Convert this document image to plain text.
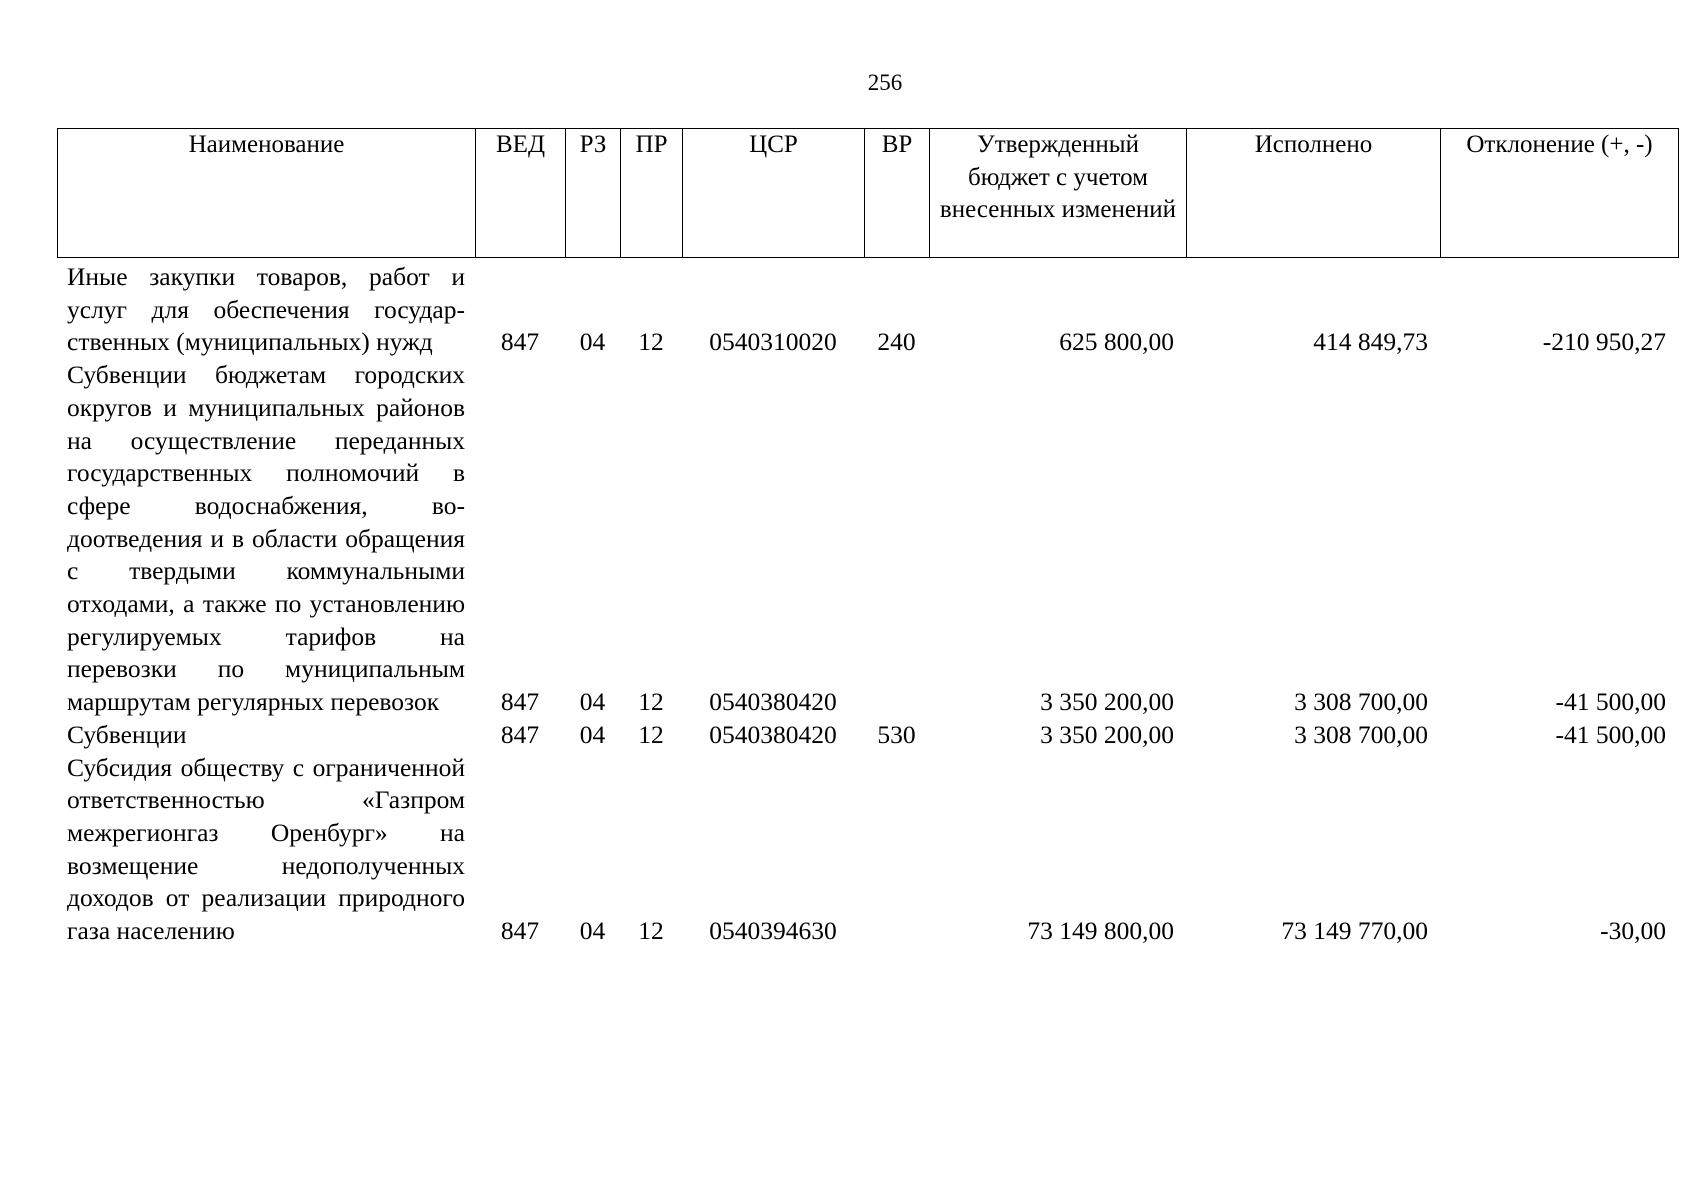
256
Наименование	ВЕД	РЗ	ПР	ЦСР	ВР	Утвержденный бюджет с учетом внесенных изменений	Исполнено	Отклонение (+, -)
Иные закупки товаров, работ и услуг для обеспечения государственных (муниципальных) нужд	847	04	12	0540310020	240	625 800,00	414 849,73	-210 950,27
Субвенции бюджетам городских округов и муниципальных районов на осуществление переданных государственных полномочий в сфере водоснабжения, водоотведения и в области обращения с твердыми коммунальными отходами, а также по установлению регулируемых тарифов на перевозки по муниципальным маршрутам регулярных перевозок	847	04	12	0540380420		3 350 200,00	3 308 700,00	-41 500,00
Субвенции	847	04	12	0540380420	530	3 350 200,00	3 308 700,00	-41 500,00
Субсидия обществу с ограниченной ответственностью «Газпром межрегионгаз Оренбург» на возмещение недополученных доходов от реализации природного газа населению	847	04	12	0540394630		73 149 800,00	73 149 770,00	-30,00
